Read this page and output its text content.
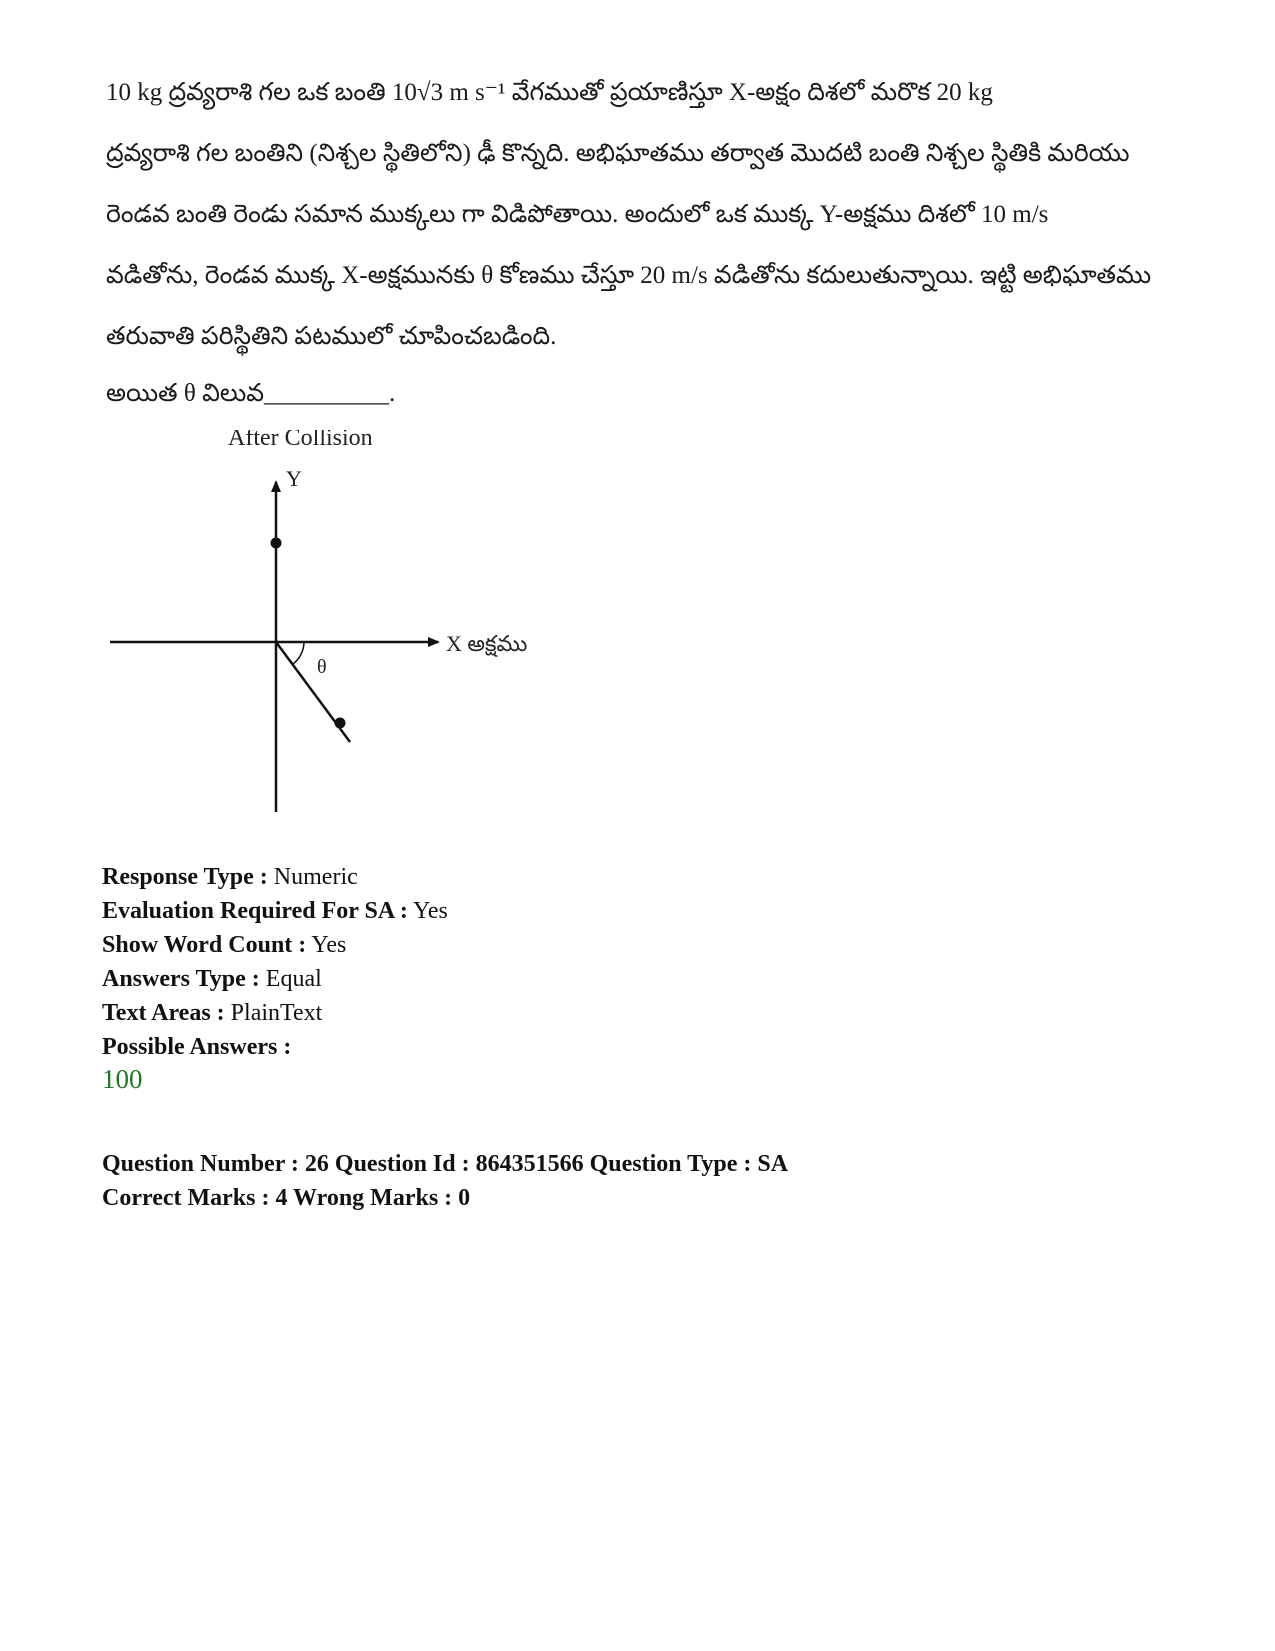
10 kg ద్రవ్యరాశి గల ఒక బంతి 10√3 m s⁻¹ వేగముతో ప్రయాణిస్తూ X-అక్షం దిశలో మరొక 20 kg
ద్రవ్యరాశి గల బంతిని (నిశ్చల స్థితిలోని) ఢీ కొన్నది. అభిఘాతము తర్వాత మొదటి బంతి నిశ్చల స్థితికి మరియు
రెండవ బంతి రెండు సమాన ముక్కలు గా విడిపోతాయి. అందులో ఒక ముక్క Y-అక్షము దిశలో 10 m/s
వడితోను, రెండవ ముక్క X-అక్షమునకు θ కోణము చేస్తూ 20 m/s వడితోను కదులుతున్నాయి. ఇట్టి అభిఘాతము
తరువాతి పరిస్థితిని పటములో చూపించబడింది.
అయిత θ విలువ__________.
After Collision
Y
X అక్షము
θ
Response Type : Numeric
Evaluation Required For SA : Yes
Show Word Count : Yes
Answers Type : Equal
Text Areas : PlainText
Possible Answers :
100
Question Number : 26 Question Id : 864351566 Question Type : SA
Correct Marks : 4 Wrong Marks : 0
